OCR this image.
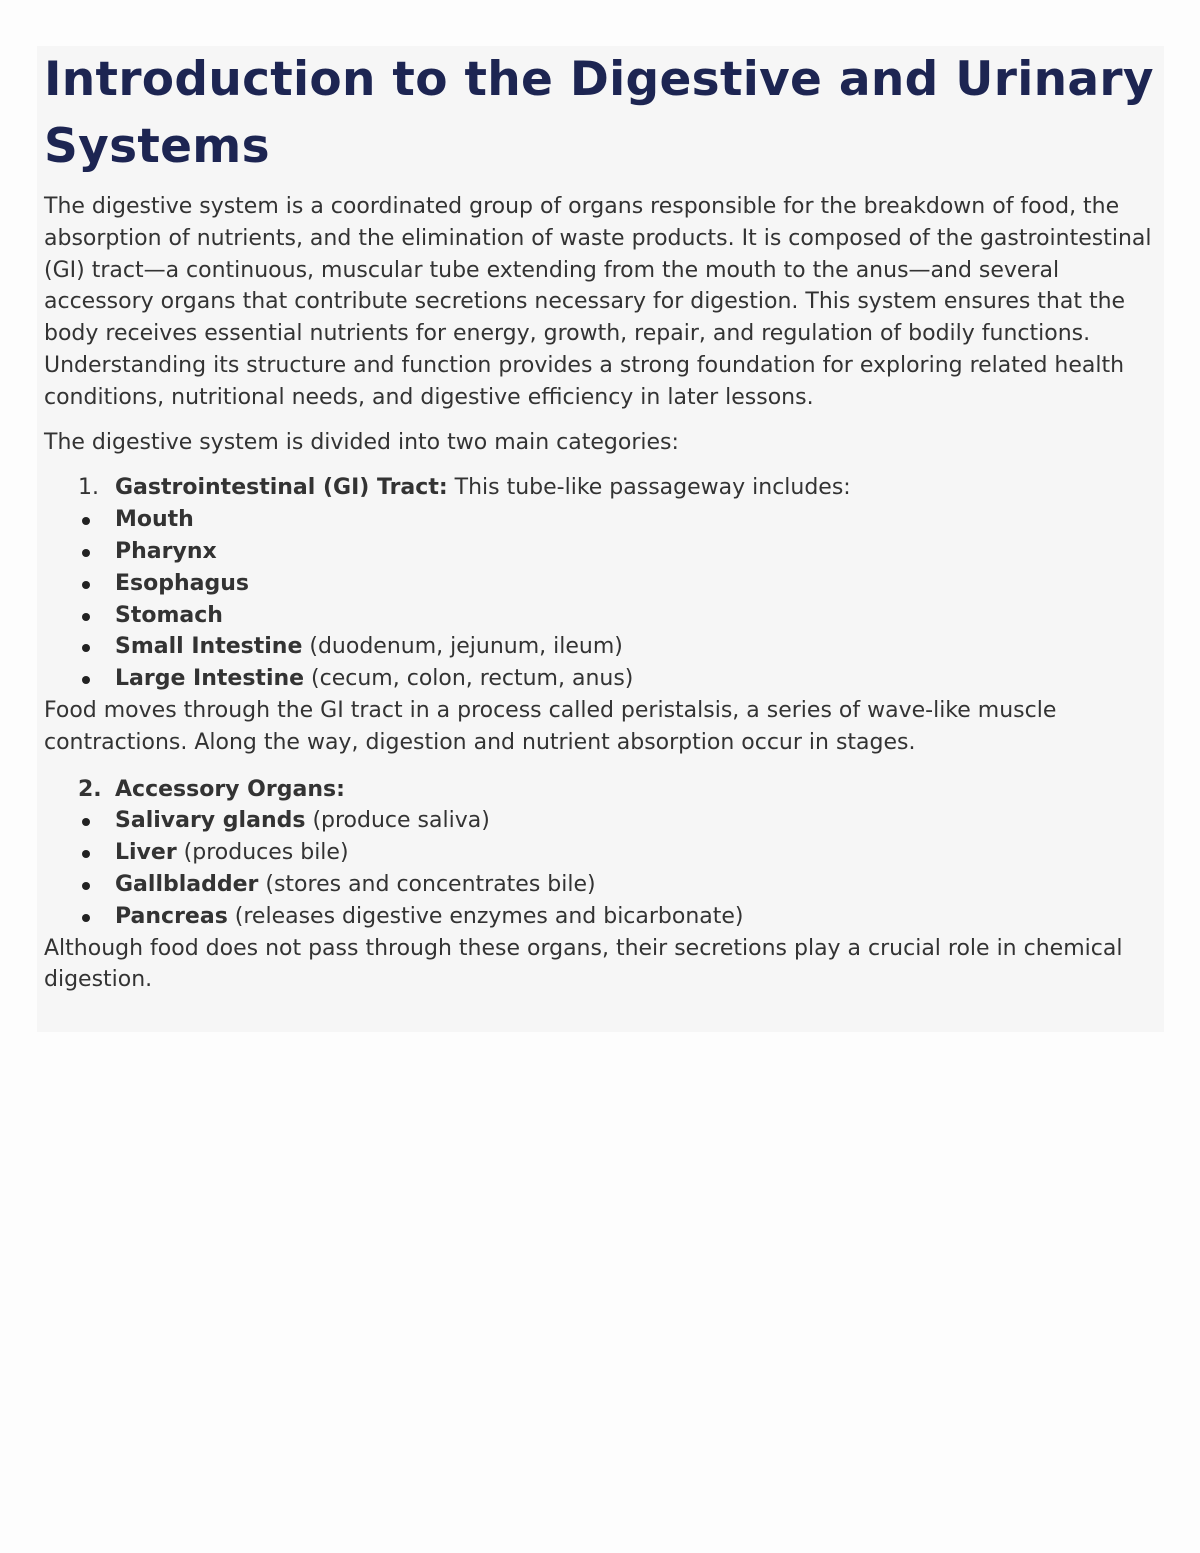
Introduction to the Digestive and Urinary Systems

The digestive system is a coordinated group of organs responsible for the breakdown of food, the absorption of nutrients, and the elimination of waste products. It is composed of the gastrointestinal (GI) tract—a continuous, muscular tube extending from the mouth to the anus—and several accessory organs that contribute secretions necessary for digestion. This system ensures that the body receives essential nutrients for energy, growth, repair, and regulation of bodily functions. Understanding its structure and function provides a strong foundation for exploring related health conditions, nutritional needs, and digestive efficiency in later lessons.

The digestive system is divided into two main categories:

1. Gastrointestinal (GI) Tract: This tube-like passageway includes:
Mouth
Pharynx
Esophagus
Stomach
Small Intestine (duodenum, jejunum, ileum)
Large Intestine (cecum, colon, rectum, anus)

Food moves through the GI tract in a process called peristalsis, a series of wave-like muscle contractions. Along the way, digestion and nutrient absorption occur in stages.

2. Accessory Organs:
Salivary glands (produce saliva)
Liver (produces bile)
Gallbladder (stores and concentrates bile)
Pancreas (releases digestive enzymes and bicarbonate)

Although food does not pass through these organs, their secretions play a crucial role in chemical digestion.
